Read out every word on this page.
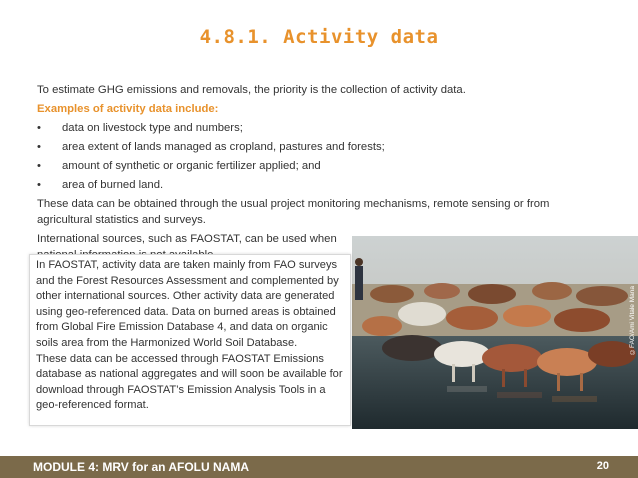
4.8.1. Activity data

To estimate GHG emissions and removals, the priority is the collection of activity data.

Examples of activity data include:

• data on livestock type and numbers;
• area extent of lands managed as cropland, pastures and forests;
• amount of synthetic or organic fertilizer applied; and
• area of burned land.

These data can be obtained through the usual project monitoring mechanisms, remote sensing or from agricultural statistics and surveys.

International sources, such as FAOSTAT, can be used when

©FAO/Ami Vitale Mana

In FAOSTAT, activity data are taken mainly from FAO surveys and the Forest Resources Assessment and complemented by other international sources. Other activity data are generated using geo-referenced data. Data on burned areas is obtained from Global Fire Emission Database 4, and data on organic soils area from the Harmonized World Soil Database.

These data can be accessed through FAOSTAT Emissions database as national aggregates and will soon be available for download through FAOSTAT’s Emission Analysis Tools in a geo-referenced format.

MODULE 4: MRV for an AFOLU NAMA	20
